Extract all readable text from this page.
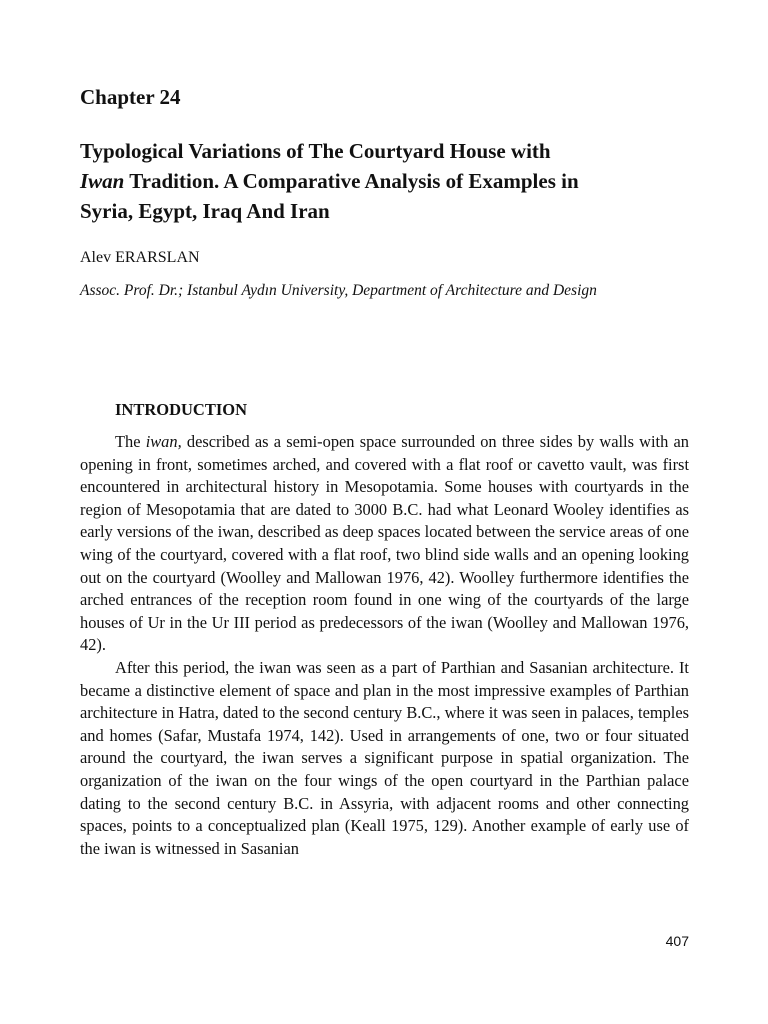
Chapter 24
Typological Variations of The Courtyard House with
Iwan Tradition. A Comparative Analysis of Examples in
Syria, Egypt, Iraq And Iran

Alev ERARSLAN

Assoc. Prof. Dr.; Istanbul Aydın University, Department of Architecture and Design

INTRODUCTION

The iwan, described as a semi-open space surrounded on three sides by walls with an opening in front, sometimes arched, and covered with a flat roof or cavetto vault, was first encountered in architectural history in Mesopotamia. Some houses with courtyards in the region of Mesopotamia that are dated to 3000 B.C. had what Leonard Wooley identifies as early versions of the iwan, described as deep spaces located between the service areas of one wing of the courtyard, covered with a flat roof, two blind side walls and an opening looking out on the courtyard (Woolley and Mallowan 1976, 42). Woolley furthermore identifies the arched entrances of the reception room found in one wing of the courtyards of the large houses of Ur in the Ur III period as predecessors of the iwan (Woolley and Mallowan 1976, 42).

After this period, the iwan was seen as a part of Parthian and Sasanian architecture. It became a distinctive element of space and plan in the most impressive examples of Parthian architecture in Hatra, dated to the second century B.C., where it was seen in palaces, temples and homes (Safar, Mustafa 1974, 142). Used in arrangements of one, two or four situated around the courtyard, the iwan serves a significant purpose in spatial organization. The organization of the iwan on the four wings of the open courtyard in the Parthian palace dating to the second century B.C. in Assyria, with adjacent rooms and other connecting spaces, points to a conceptualized plan (Keall 1975, 129). Another example of early use of the iwan is witnessed in Sasanian

407
